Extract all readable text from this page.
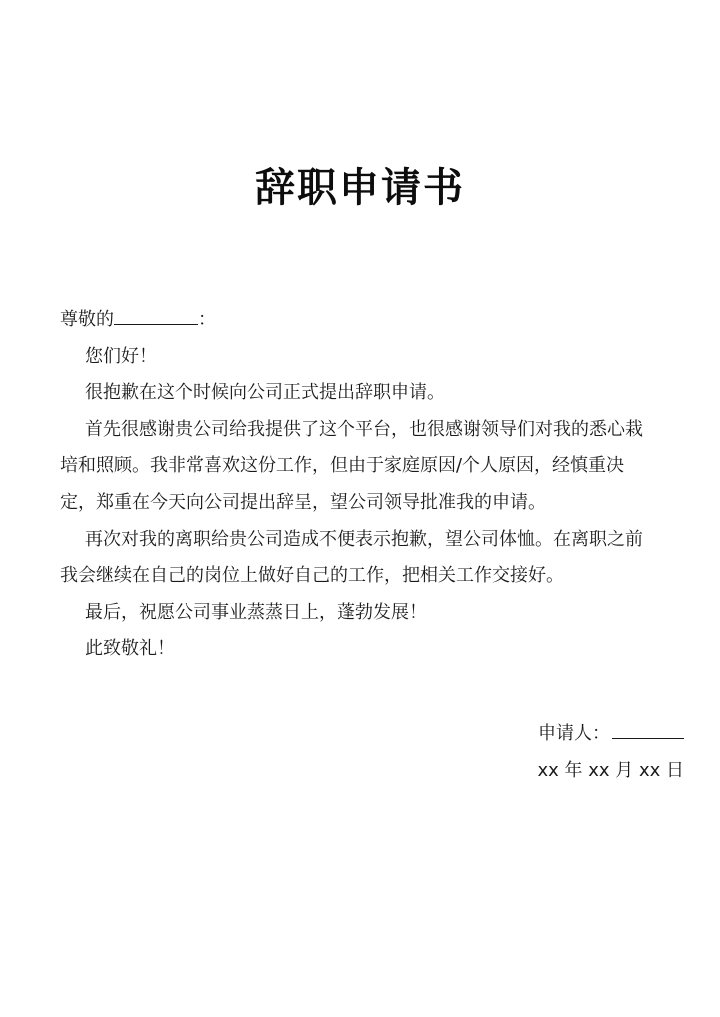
辞职申请书
尊敬的	：
您们好！
很抱歉在这个时候向公司正式提出辞职申请。
首先很感谢贵公司给我提供了这个平台，也很感谢领导们对我的悉心栽
培和照顾。我非常喜欢这份工作，但由于家庭原因/个人原因，经慎重决
定，郑重在今天向公司提出辞呈，望公司领导批准我的申请。
再次对我的离职给贵公司造成不便表示抱歉，望公司体恤。在离职之前
我会继续在自己的岗位上做好自己的工作，把相关工作交接好。
最后，祝愿公司事业蒸蒸日上，蓬勃发展！
此致敬礼！
申请人：
xx 年 xx 月 xx 日
